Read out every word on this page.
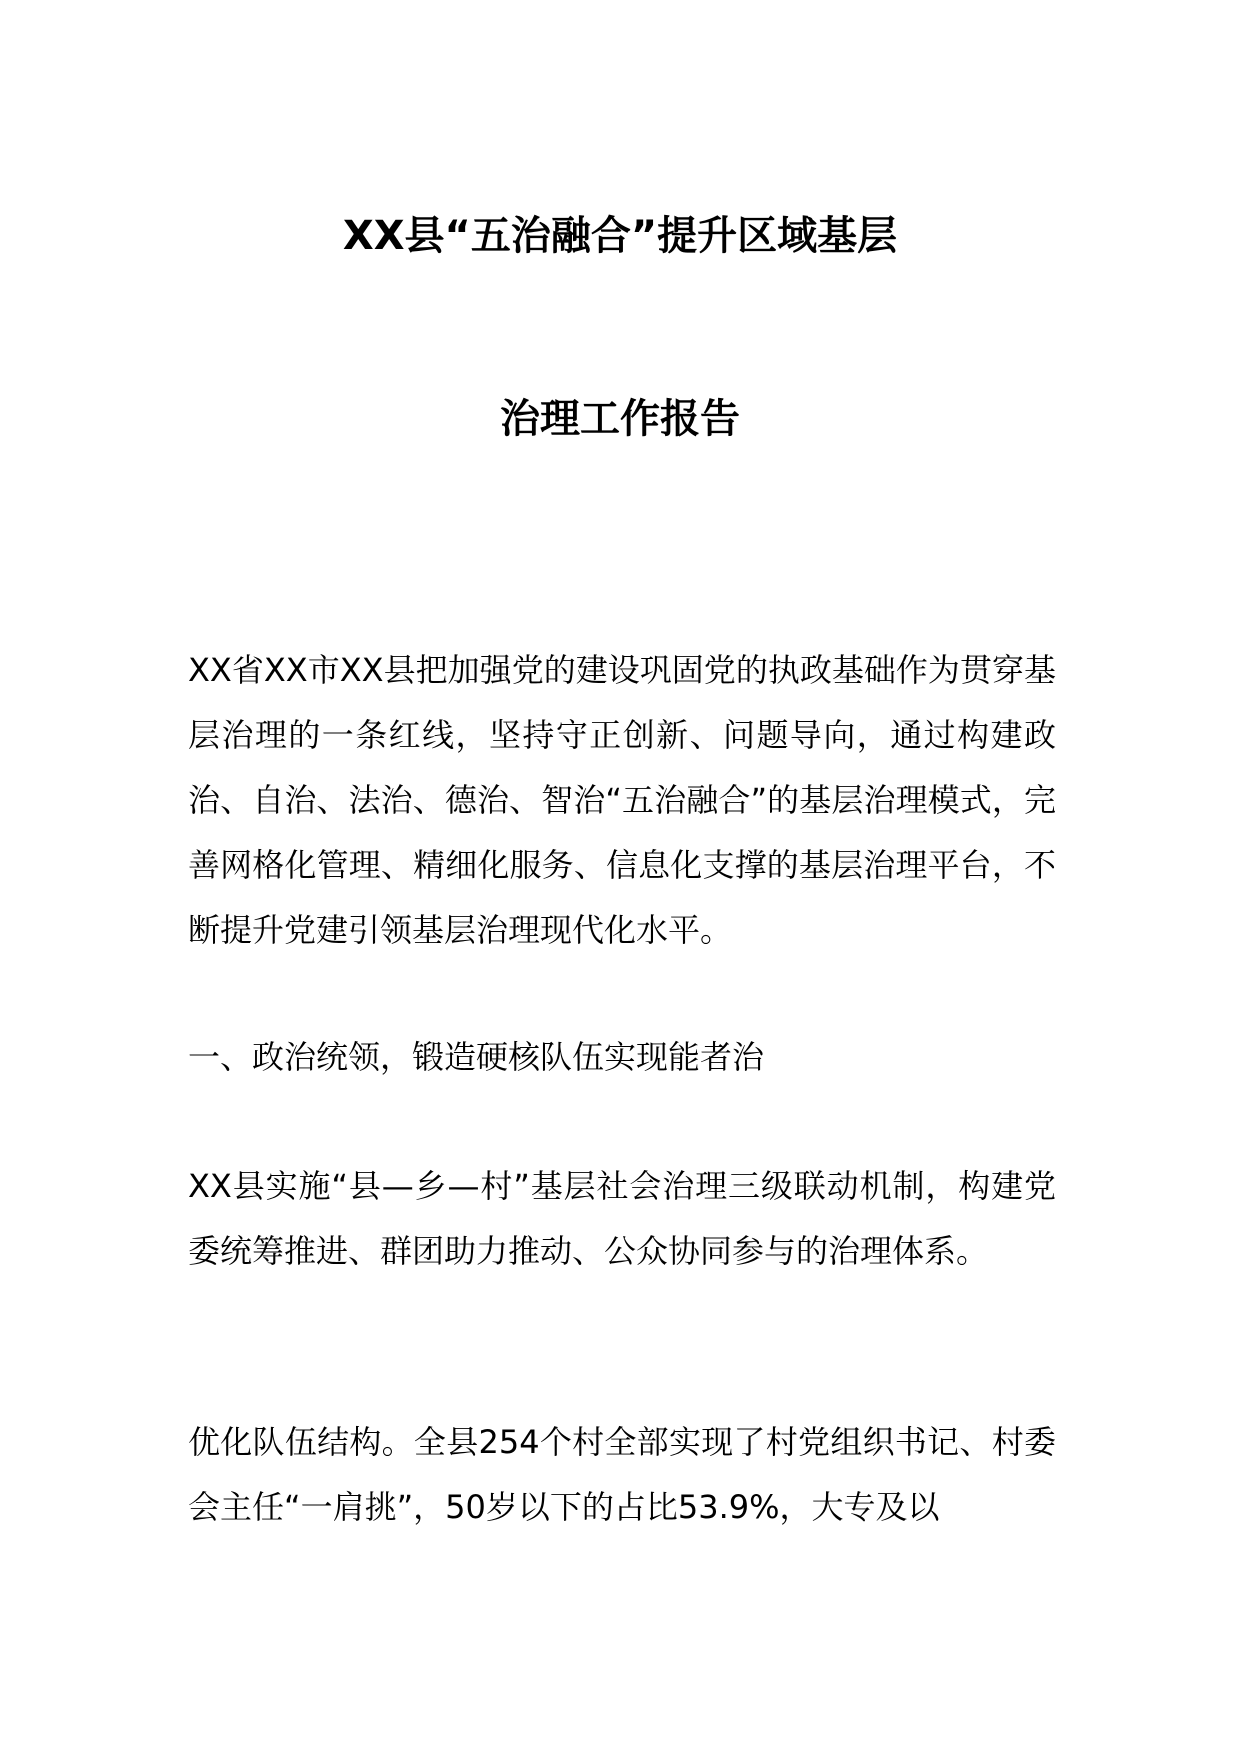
XX县“五治融合”提升区域基层
治理工作报告

XX省XX市XX县把加强党的建设巩固党的执政基础作为贯穿基层治理的一条红线，坚持守正创新、问题导向，通过构建政治、自治、法治、德治、智治“五治融合”的基层治理模式，完善网格化管理、精细化服务、信息化支撑的基层治理平台，不断提升党建引领基层治理现代化水平。

一、政治统领，锻造硬核队伍实现能者治

XX县实施“县—乡—村”基层社会治理三级联动机制，构建党委统筹推进、群团助力推动、公众协同参与的治理体系。

优化队伍结构。全县254个村全部实现了村党组织书记、村委会主任“一肩挑”，50岁以下的占比53.9%，大专及以
